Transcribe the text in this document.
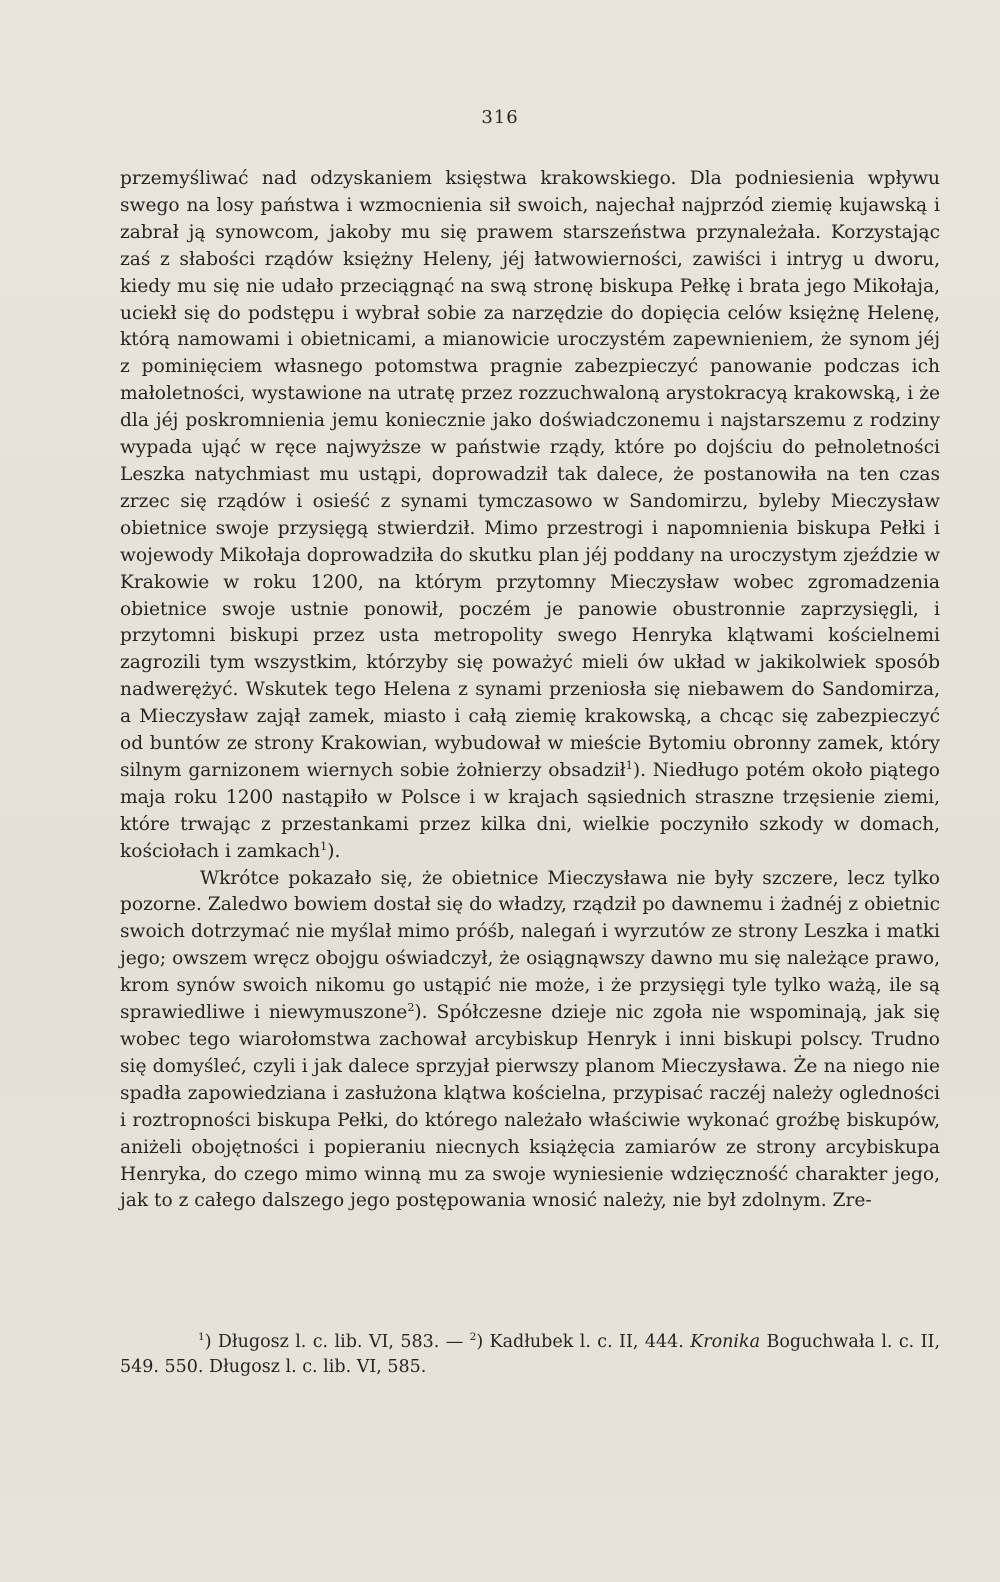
316

przemyśliwać nad odzyskaniem księstwa krakowskiego. Dla podniesienia wpływu swego na losy państwa i wzmocnienia sił swoich, najechał najprzód ziemię kujawską i zabrał ją synowcom, jakoby mu się prawem starszeństwa przynależała. Korzystając zaś z słabości rządów księżny Heleny, jéj łatwowierności, zawiści i intryg u dworu, kiedy mu się nie udało przeciągnąć na swą stronę biskupa Pełkę i brata jego Mikołaja, uciekł się do podstępu i wybrał sobie za narzędzie do dopięcia celów księżnę Helenę, którą namowami i obietnicami, a mianowicie uroczystém zapewnieniem, że synom jéj z pominięciem własnego potomstwa pragnie zabezpieczyć panowanie podczas ich małoletności, wystawione na utratę przez rozzuchwaloną arystokracyą krakowską, i że dla jéj poskromnienia jemu koniecznie jako doświadczonemu i najstarszemu z rodziny wypada ująć w ręce najwyższe w państwie rządy, które po dojściu do pełnoletności Leszka natychmiast mu ustąpi, doprowadził tak dalece, że postanowiła na ten czas zrzec się rządów i osieść z synami tymczasowo w Sandomirzu, byleby Mieczysław obietnice swoje przysięgą stwierdził. Mimo przestrogi i napomnienia biskupa Pełki i wojewody Mikołaja doprowadziła do skutku plan jéj poddany na uroczystym zjeździe w Krakowie w roku 1200, na którym przytomny Mieczysław wobec zgromadzenia obietnice swoje ustnie ponowił, poczém je panowie obustronnie zaprzysięgli, i przytomni biskupi przez usta metropolity swego Henryka klątwami kościelnemi zagrozili tym wszystkim, którzyby się poważyć mieli ów układ w jakikolwiek sposób nadwerężyć. Wskutek tego Helena z synami przeniosła się niebawem do Sandomirza, a Mieczysław zajął zamek, miasto i całą ziemię krakowską, a chcąc się zabezpieczyć od buntów ze strony Krakowian, wybudował w mieście Bytomiu obronny zamek, który silnym garnizonem wiernych sobie żołnierzy obsadził$^1$). Niedługo potém około piątego maja roku 1200 nastąpiło w Polsce i w krajach sąsiednich straszne trzęsienie ziemi, które trwając z przestankami przez kilka dni, wielkie poczyniło szkody w domach, kościołach i zamkach$^1$).

Wkrótce pokazało się, że obietnice Mieczysława nie były szczere, lecz tylko pozorne. Zaledwo bowiem dostał się do władzy, rządził po dawnemu i żadnéj z obietnic swoich dotrzymać nie myślał mimo próśb, nalegań i wyrzutów ze strony Leszka i matki jego; owszem wręcz obojgu oświadczył, że osiągnąwszy dawno mu się należące prawo, krom synów swoich nikomu go ustąpić nie może, i że przysięgi tyle tylko ważą, ile są sprawiedliwe i niewymuszone$^2$). Spółczesne dzieje nic zgoła nie wspominają, jak się wobec tego wiarołomstwa zachował arcybiskup Henryk i inni biskupi polscy. Trudno się domyśleć, czyli i jak dalece sprzyjał pierwszy planom Mieczysława. Że na niego nie spadła zapowiedziana i zasłużona klątwa kościelna, przypisać raczéj należy ogledności i roztropności biskupa Pełki, do którego należało właściwie wykonać groźbę biskupów, aniżeli obojętności i popieraniu niecnych książęcia zamiarów ze strony arcybiskupa Henryka, do czego mimo winną mu za swoje wyniesienie wdzięczność charakter jego, jak to z całego dalszego jego postępowania wnosić należy, nie był zdolnym. Zre-

$^1$) Długosz l. c. lib. VI, 583. — $^2$) Kadłubek l. c. II, 444. Kronika Boguchwała l. c. II, 549. 550. Długosz l. c. lib. VI, 585.
